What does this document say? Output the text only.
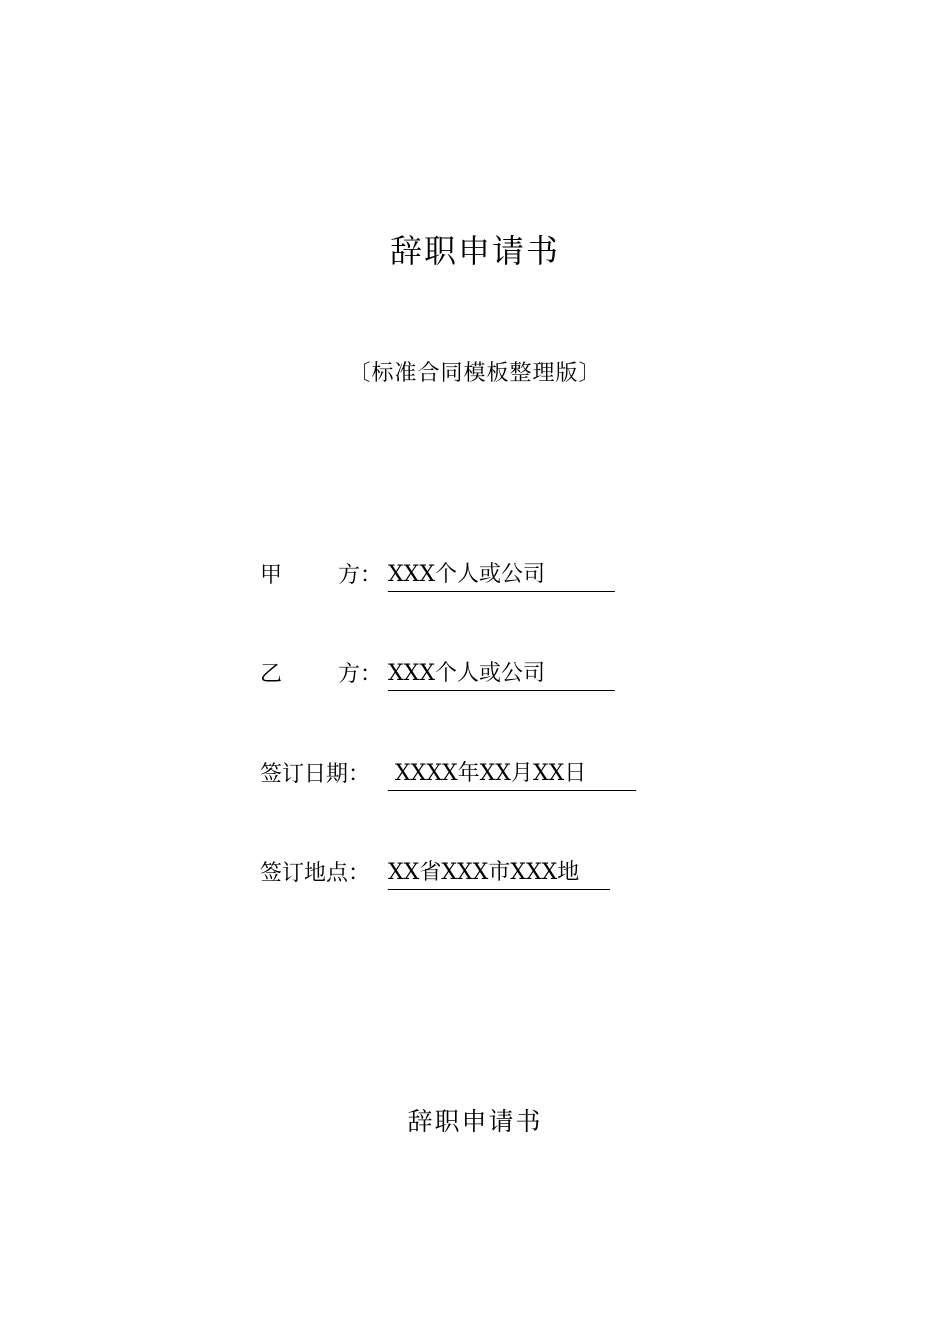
辞职申请书
〔标准合同模板整理版〕
甲	方： XXX个人或公司
乙	方： XXX个人或公司
签订日期： XXXX年XX月XX日
签订地点： XX省XXX市XXX地
辞职申请书
